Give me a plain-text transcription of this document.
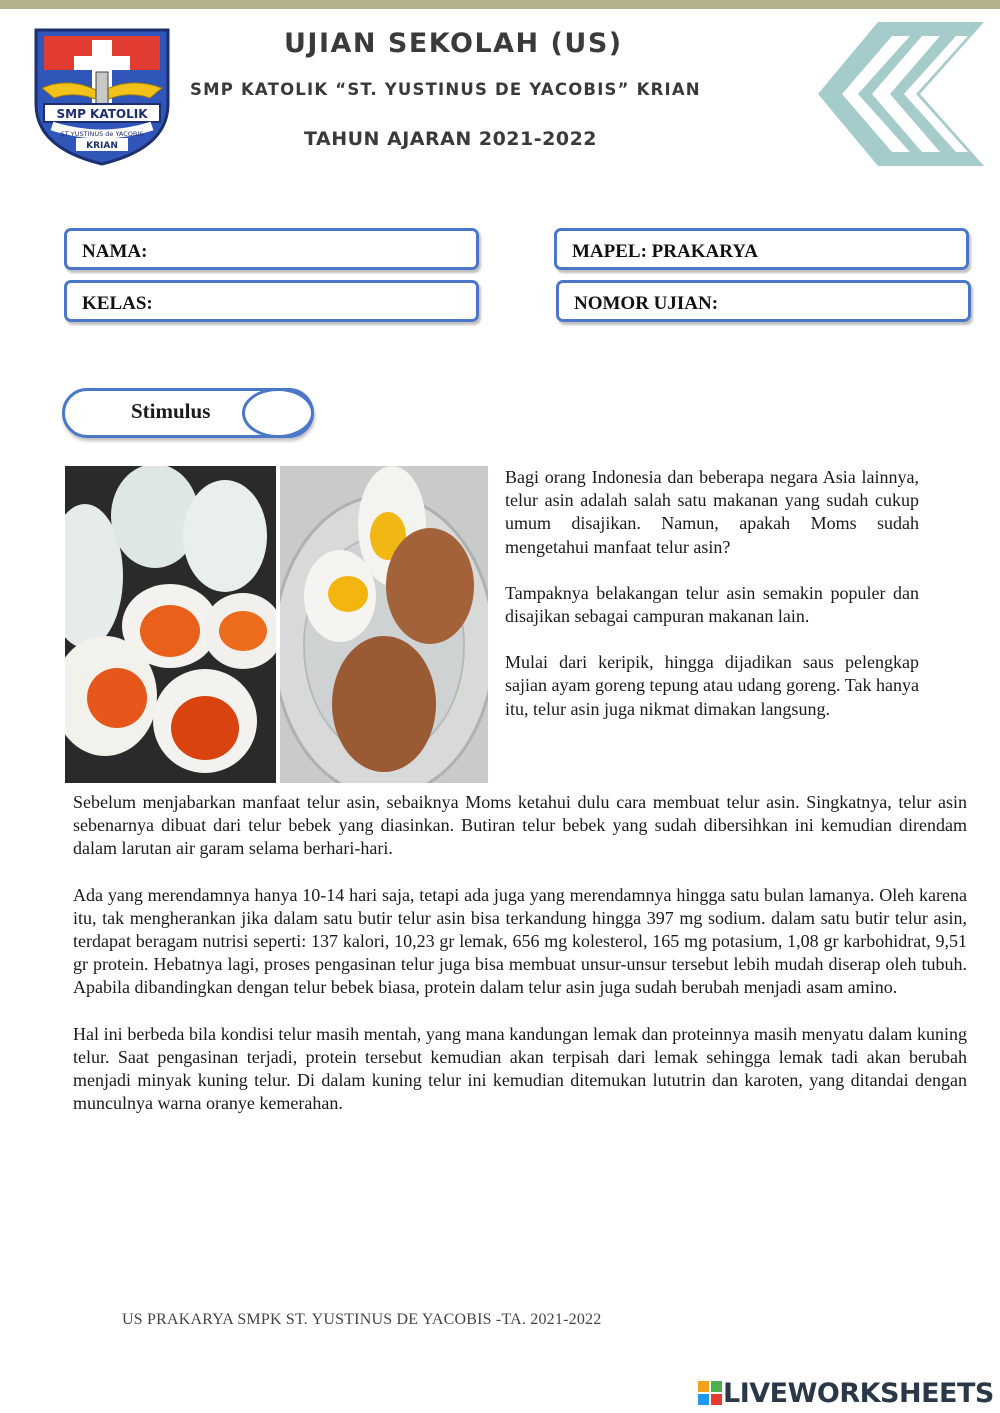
SMP KATOLIK
ST YUSTINUS de YACOBIS
KRIAN
UJIAN SEKOLAH (US)
SMP KATOLIK “ST. YUSTINUS DE YACOBIS” KRIAN
TAHUN AJARAN 2021-2022
NAMA:
KELAS:
MAPEL: PRAKARYA
NOMOR UJIAN:
Stimulus

Bagi orang Indonesia dan beberapa negara Asia lainnya, telur asin adalah salah satu makanan yang sudah cukup umum disajikan. Namun, apakah Moms sudah mengetahui manfaat telur asin?

Tampaknya belakangan telur asin semakin populer dan disajikan sebagai campuran makanan lain.

Mulai dari keripik, hingga dijadikan saus pelengkap sajian ayam goreng tepung atau udang goreng. Tak hanya itu, telur asin juga nikmat dimakan langsung.

Sebelum menjabarkan manfaat telur asin, sebaiknya Moms ketahui dulu cara membuat telur asin. Singkatnya, telur asin sebenarnya dibuat dari telur bebek yang diasinkan. Butiran telur bebek yang sudah dibersihkan ini kemudian direndam dalam larutan air garam selama berhari-hari.

Ada yang merendamnya hanya 10-14 hari saja, tetapi ada juga yang merendamnya hingga satu bulan lamanya. Oleh karena itu, tak mengherankan jika dalam satu butir telur asin bisa terkandung hingga 397 mg sodium. dalam satu butir telur asin, terdapat beragam nutrisi seperti: 137 kalori, 10,23 gr lemak, 656 mg kolesterol, 165 mg potasium, 1,08 gr karbohidrat, 9,51 gr protein. Hebatnya lagi, proses pengasinan telur juga bisa membuat unsur-unsur tersebut lebih mudah diserap oleh tubuh. Apabila dibandingkan dengan telur bebek biasa, protein dalam telur asin juga sudah berubah menjadi asam amino.

Hal ini berbeda bila kondisi telur masih mentah, yang mana kandungan lemak dan proteinnya masih menyatu dalam kuning telur. Saat pengasinan terjadi, protein tersebut kemudian akan terpisah dari lemak sehingga lemak tadi akan berubah menjadi minyak kuning telur. Di dalam kuning telur ini kemudian ditemukan lututrin dan karoten, yang ditandai dengan munculnya warna oranye kemerahan.

US PRAKARYA SMPK ST. YUSTINUS DE YACOBIS -TA. 2021-2022
LIVEWORKSHEETS
